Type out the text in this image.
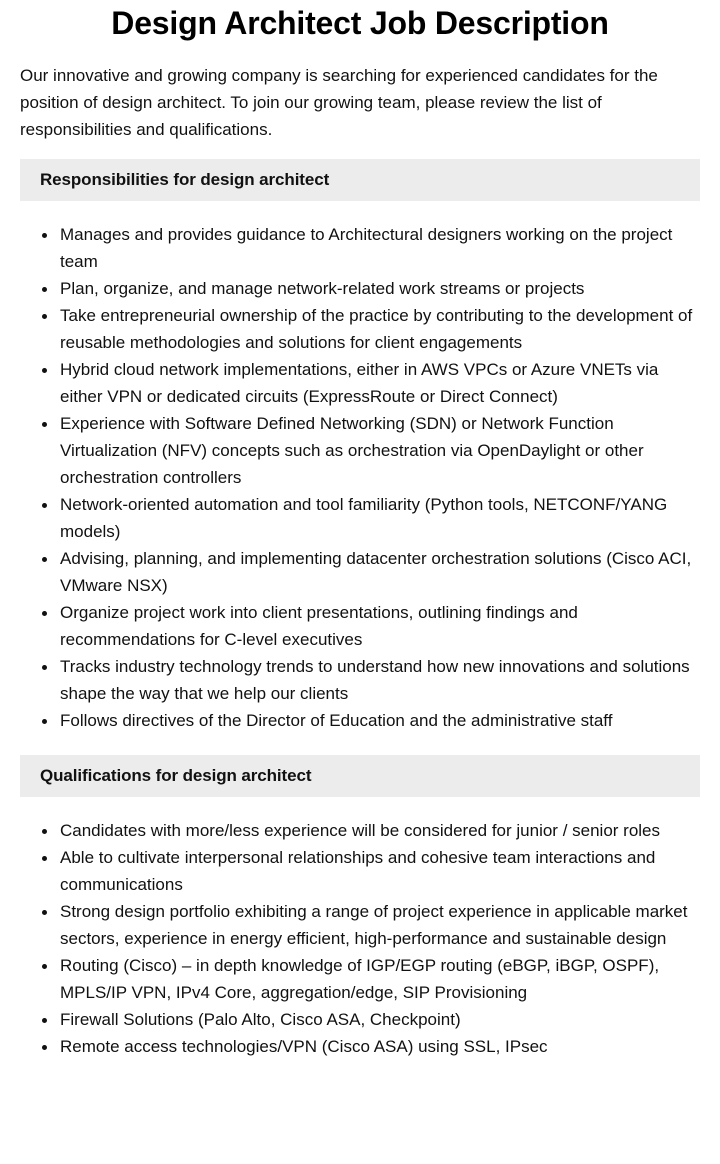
Design Architect Job Description

Our innovative and growing company is searching for experienced candidates for the position of design architect. To join our growing team, please review the list of responsibilities and qualifications.

Responsibilities for design architect
Manages and provides guidance to Architectural designers working on the project team
Plan, organize, and manage network-related work streams or projects
Take entrepreneurial ownership of the practice by contributing to the development of reusable methodologies and solutions for client engagements
Hybrid cloud network implementations, either in AWS VPCs or Azure VNETs via either VPN or dedicated circuits (ExpressRoute or Direct Connect)
Experience with Software Defined Networking (SDN) or Network Function Virtualization (NFV) concepts such as orchestration via OpenDaylight or other orchestration controllers
Network-oriented automation and tool familiarity (Python tools, NETCONF/YANG models)
Advising, planning, and implementing datacenter orchestration solutions (Cisco ACI, VMware NSX)
Organize project work into client presentations, outlining findings and recommendations for C-level executives
Tracks industry technology trends to understand how new innovations and solutions shape the way that we help our clients
Follows directives of the Director of Education and the administrative staff
Qualifications for design architect
Candidates with more/less experience will be considered for junior / senior roles
Able to cultivate interpersonal relationships and cohesive team interactions and communications
Strong design portfolio exhibiting a range of project experience in applicable market sectors, experience in energy efficient, high-performance and sustainable design
Routing (Cisco) – in depth knowledge of IGP/EGP routing (eBGP, iBGP, OSPF), MPLS/IP VPN, IPv4 Core, aggregation/edge, SIP Provisioning
Firewall Solutions (Palo Alto, Cisco ASA, Checkpoint)
Remote access technologies/VPN (Cisco ASA) using SSL, IPsec
